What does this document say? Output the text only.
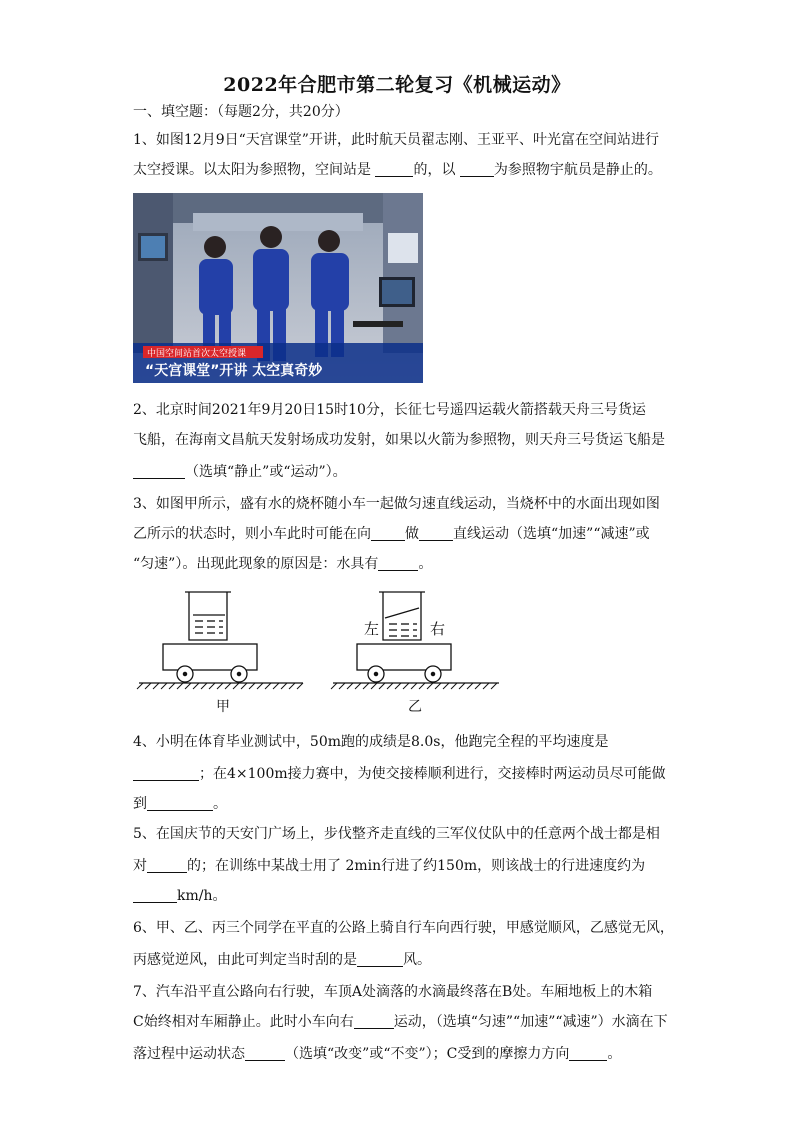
2022年合肥市第二轮复习《机械运动》
一、填空题：（每题2分，共20分）
1、如图12月9日“天宫课堂”开讲，此时航天员翟志刚、王亚平、叶光富在空间站进行
太空授课。以太阳为参照物，空间站是	的，以	为参照物宇航员是静止的。
中国空间站首次太空授课
“天宫课堂”开讲 太空真奇妙
2、北京时间2021年9月20日15时10分，长征七号遥四运载火箭搭载天舟三号货运
飞船，在海南文昌航天发射场成功发射，如果以火箭为参照物，则天舟三号货运飞船是
（选填“静止”或“运动”）。
3、如图甲所示，盛有水的烧杯随小车一起做匀速直线运动，当烧杯中的水面出现如图
乙所示的状态时，则小车此时可能在向 做 直线运动（选填“加速”“减速”或
“匀速”）。出现此现象的原因是：水具有	。
左	右
甲	乙
4、小明在体育毕业测试中，50m跑的成绩是8.0s，他跑完全程的平均速度是
；在4×100m接力赛中，为使交接棒顺利进行，交接棒时两运动员尽可能做
到	。
5、在国庆节的天安门广场上，步伐整齐走直线的三军仪仗队中的任意两个战士都是相
对	的；在训练中某战士用了 2min行进了约150m，则该战士的行进速度约为
km/h。
6、甲、乙、丙三个同学在平直的公路上骑自行车向西行驶，甲感觉顺风，乙感觉无风，
丙感觉逆风，由此可判定当时刮的是	风。
7、汽车沿平直公路向右行驶，车顶A处滴落的水滴最终落在B处。车厢地板上的木箱
C始终相对车厢静止。此时小车向右	运动，（选填“匀速”“加速”“减速”）水滴在下
落过程中运动状态	（选填“改变”或“不变”）；C受到的摩擦力方向	。
